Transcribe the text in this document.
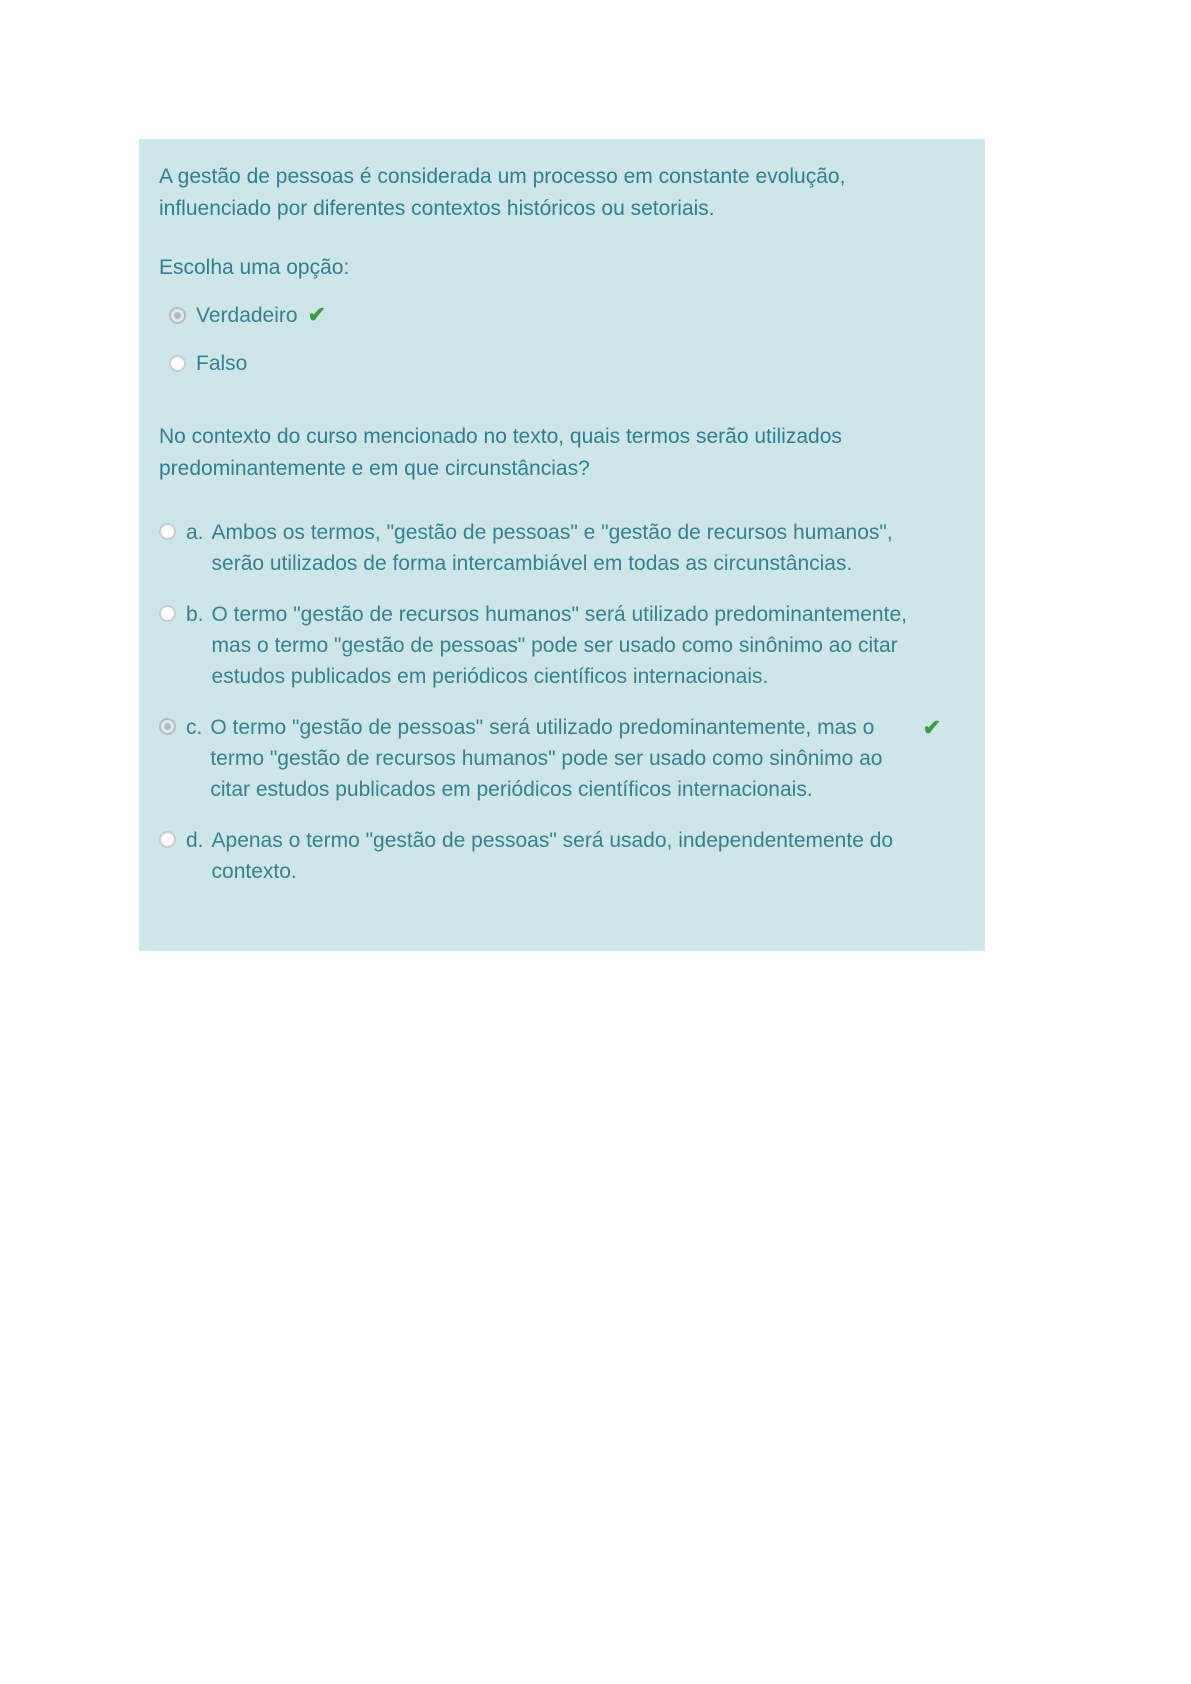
A gestão de pessoas é considerada um processo em constante evolução, influenciado por diferentes contextos históricos ou setoriais.
Escolha uma opção:
Verdadeiro ✔
Falso
No contexto do curso mencionado no texto, quais termos serão utilizados predominantemente e em que circunstâncias?
a. Ambos os termos, "gestão de pessoas" e "gestão de recursos humanos", serão utilizados de forma intercambiável em todas as circunstâncias.
b. O termo "gestão de recursos humanos" será utilizado predominantemente, mas o termo "gestão de pessoas" pode ser usado como sinônimo ao citar estudos publicados em periódicos científicos internacionais.
c. O termo "gestão de pessoas" será utilizado predominantemente, mas o termo "gestão de recursos humanos" pode ser usado como sinônimo ao citar estudos publicados em periódicos científicos internacionais.
✔
d. Apenas o termo "gestão de pessoas" será usado, independentemente do contexto.
